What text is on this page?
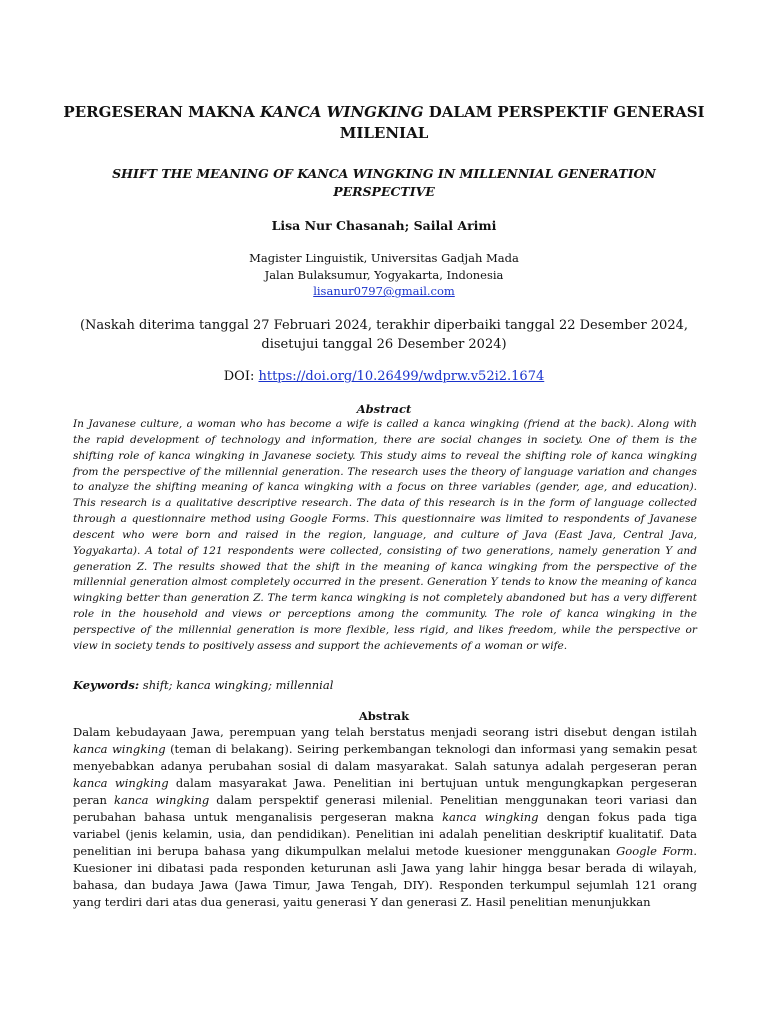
PERGESERAN MAKNA KANCA WINGKING DALAM PERSPEKTIF GENERASI MILENIAL
SHIFT THE MEANING OF KANCA WINGKING IN MILLENNIAL GENERATION PERSPECTIVE
Lisa Nur Chasanah; Sailal Arimi
Magister Linguistik, Universitas Gadjah Mada
Jalan Bulaksumur, Yogyakarta, Indonesia
lisanur0797@gmail.com
(Naskah diterima tanggal 27 Februari 2024, terakhir diperbaiki tanggal 22 Desember 2024, disetujui tanggal 26 Desember 2024)
DOI: https://doi.org/10.26499/wdprw.v52i2.1674
Abstract

In Javanese culture, a woman who has become a wife is called a kanca wingking (friend at the back). Along with the rapid development of technology and information, there are social changes in society. One of them is the shifting role of kanca wingking in Javanese society. This study aims to reveal the shifting role of kanca wingking from the perspective of the millennial generation. The research uses the theory of language variation and changes to analyze the shifting meaning of kanca wingking with a focus on three variables (gender, age, and education). This research is a qualitative descriptive research. The data of this research is in the form of language collected through a questionnaire method using Google Forms. This questionnaire was limited to respondents of Javanese descent who were born and raised in the region, language, and culture of Java (East Java, Central Java, Yogyakarta). A total of 121 respondents were collected, consisting of two generations, namely generation Y and generation Z. The results showed that the shift in the meaning of kanca wingking from the perspective of the millennial generation almost completely occurred in the present. Generation Y tends to know the meaning of kanca wingking better than generation Z. The term kanca wingking is not completely abandoned but has a very different role in the household and views or perceptions among the community. The role of kanca wingking in the perspective of the millennial generation is more flexible, less rigid, and likes freedom, while the perspective or view in society tends to positively assess and support the achievements of a woman or wife.

Keywords: shift; kanca wingking; millennial
Abstrak

Dalam kebudayaan Jawa, perempuan yang telah berstatus menjadi seorang istri disebut dengan istilah kanca wingking (teman di belakang). Seiring perkembangan teknologi dan informasi yang semakin pesat menyebabkan adanya perubahan sosial di dalam masyarakat. Salah satunya adalah pergeseran peran kanca wingking dalam masyarakat Jawa. Penelitian ini bertujuan untuk mengungkapkan pergeseran peran kanca wingking dalam perspektif generasi milenial. Penelitian menggunakan teori variasi dan perubahan bahasa untuk menganalisis pergeseran makna kanca wingking dengan fokus pada tiga variabel (jenis kelamin, usia, dan pendidikan). Penelitian ini adalah penelitian deskriptif kualitatif. Data penelitian ini berupa bahasa yang dikumpulkan melalui metode kuesioner menggunakan Google Form. Kuesioner ini dibatasi pada responden keturunan asli Jawa yang lahir hingga besar berada di wilayah, bahasa, dan budaya Jawa (Jawa Timur, Jawa Tengah, DIY). Responden terkumpul sejumlah 121 orang yang terdiri dari atas dua generasi, yaitu generasi Y dan generasi Z. Hasil penelitian menunjukkan
